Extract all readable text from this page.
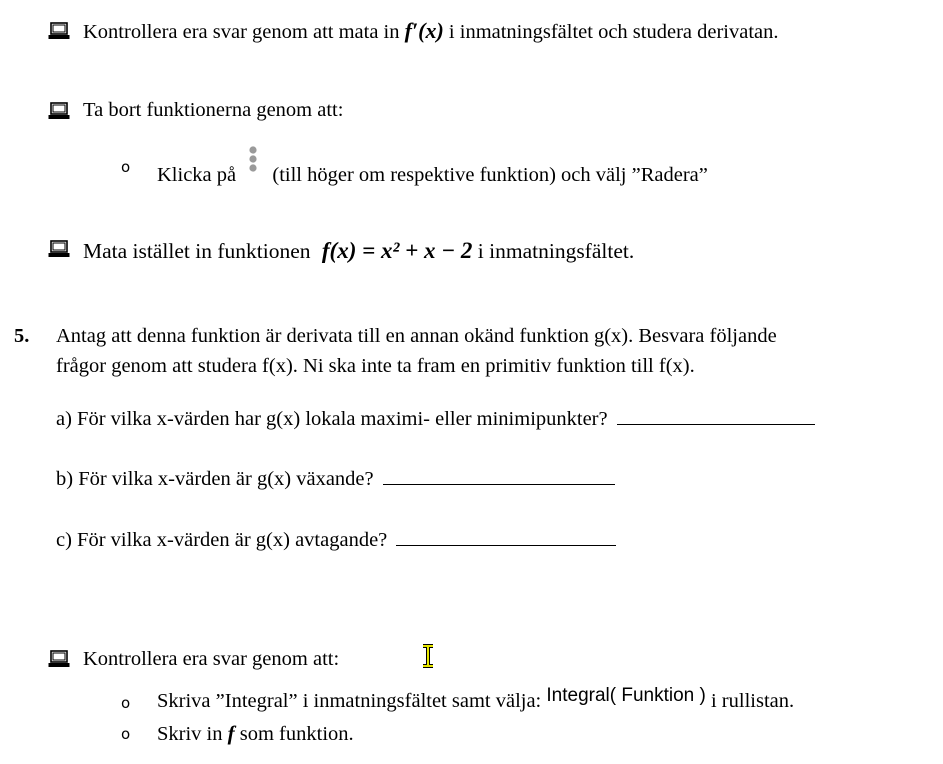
Kontrollera era svar genom att mata in f′(x) i inmatningsfältet och studera derivatan.
Ta bort funktionerna genom att:
o Klicka på (till höger om respektive funktion) och välj ”Radera”
Mata istället in funktionen f(x) = x² + x − 2 i inmatningsfältet.
5. Antag att denna funktion är derivata till en annan okänd funktion g(x). Besvara följande
frågor genom att studera f(x). Ni ska inte ta fram en primitiv funktion till f(x).
a) För vilka x-värden har g(x) lokala maximi- eller minimipunkter?
b) För vilka x-värden är g(x) växande?
c) För vilka x-värden är g(x) avtagande?
Kontrollera era svar genom att:
o Skriva ”Integral” i inmatningsfältet samt välja: Integral( Funktion ) i rullistan.
o Skriv in f som funktion.
